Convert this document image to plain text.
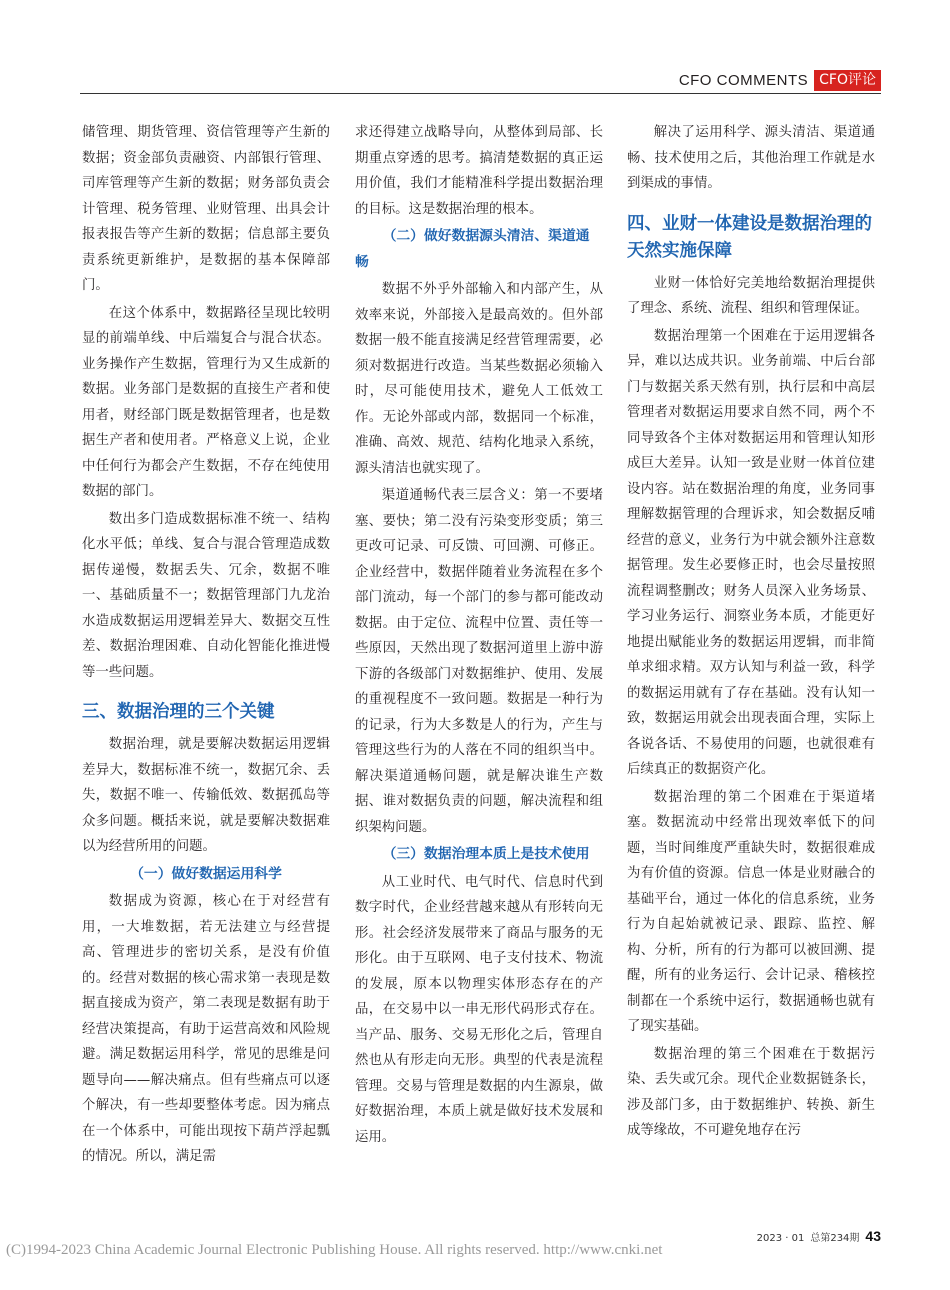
CFO COMMENTS CFO评论

储管理、期货管理、资信管理等产生新的数据；资金部负责融资、内部银行管理、司库管理等产生新的数据；财务部负责会计管理、税务管理、业财管理、出具会计报表报告等产生新的数据；信息部主要负责系统更新维护，是数据的基本保障部门。

在这个体系中，数据路径呈现比较明显的前端单线、中后端复合与混合状态。业务操作产生数据，管理行为又生成新的数据。业务部门是数据的直接生产者和使用者，财经部门既是数据管理者，也是数据生产者和使用者。严格意义上说，企业中任何行为都会产生数据，不存在纯使用数据的部门。

数出多门造成数据标准不统一、结构化水平低；单线、复合与混合管理造成数据传递慢，数据丢失、冗余，数据不唯一、基础质量不一；数据管理部门九龙治水造成数据运用逻辑差异大、数据交互性差、数据治理困难、自动化智能化推进慢等一些问题。

三、数据治理的三个关键

数据治理，就是要解决数据运用逻辑差异大，数据标准不统一，数据冗余、丢失，数据不唯一、传输低效、数据孤岛等众多问题。概括来说，就是要解决数据难以为经营所用的问题。

（一）做好数据运用科学

数据成为资源，核心在于对经营有用，一大堆数据，若无法建立与经营提高、管理进步的密切关系，是没有价值的。经营对数据的核心需求第一表现是数据直接成为资产，第二表现是数据有助于经营决策提高，有助于运营高效和风险规避。满足数据运用科学，常见的思维是问题导向——解决痛点。但有些痛点可以逐个解决，有一些却要整体考虑。因为痛点在一个体系中，可能出现按下葫芦浮起瓢的情况。所以，满足需

求还得建立战略导向，从整体到局部、长期重点穿透的思考。搞清楚数据的真正运用价值，我们才能精准科学提出数据治理的目标。这是数据治理的根本。

（二）做好数据源头清洁、渠道通畅

数据不外乎外部输入和内部产生，从效率来说，外部接入是最高效的。但外部数据一般不能直接满足经营管理需要，必须对数据进行改造。当某些数据必须输入时，尽可能使用技术，避免人工低效工作。无论外部或内部，数据同一个标准，准确、高效、规范、结构化地录入系统，源头清洁也就实现了。

渠道通畅代表三层含义：第一不要堵塞、要快；第二没有污染变形变质；第三更改可记录、可反馈、可回溯、可修正。企业经营中，数据伴随着业务流程在多个部门流动，每一个部门的参与都可能改动数据。由于定位、流程中位置、责任等一些原因，天然出现了数据河道里上游中游下游的各级部门对数据维护、使用、发展的重视程度不一致问题。数据是一种行为的记录，行为大多数是人的行为，产生与管理这些行为的人落在不同的组织当中。解决渠道通畅问题，就是解决谁生产数据、谁对数据负责的问题，解决流程和组织架构问题。

（三）数据治理本质上是技术使用

从工业时代、电气时代、信息时代到数字时代，企业经营越来越从有形转向无形。社会经济发展带来了商品与服务的无形化。由于互联网、电子支付技术、物流的发展，原本以物理实体形态存在的产品，在交易中以一串无形代码形式存在。当产品、服务、交易无形化之后，管理自然也从有形走向无形。典型的代表是流程管理。交易与管理是数据的内生源泉，做好数据治理，本质上就是做好技术发展和运用。

解决了运用科学、源头清洁、渠道通畅、技术使用之后，其他治理工作就是水到渠成的事情。

四、业财一体建设是数据治理的天然实施保障

业财一体恰好完美地给数据治理提供了理念、系统、流程、组织和管理保证。

数据治理第一个困难在于运用逻辑各异，难以达成共识。业务前端、中后台部门与数据关系天然有别，执行层和中高层管理者对数据运用要求自然不同，两个不同导致各个主体对数据运用和管理认知形成巨大差异。认知一致是业财一体首位建设内容。站在数据治理的角度，业务同事理解数据管理的合理诉求，知会数据反哺经营的意义，业务行为中就会额外注意数据管理。发生必要修正时，也会尽量按照流程调整删改；财务人员深入业务场景、学习业务运行、洞察业务本质，才能更好地提出赋能业务的数据运用逻辑，而非简单求细求精。双方认知与利益一致，科学的数据运用就有了存在基础。没有认知一致，数据运用就会出现表面合理，实际上各说各话、不易使用的问题，也就很难有后续真正的数据资产化。

数据治理的第二个困难在于渠道堵塞。数据流动中经常出现效率低下的问题，当时间维度严重缺失时，数据很难成为有价值的资源。信息一体是业财融合的基础平台，通过一体化的信息系统，业务行为自起始就被记录、跟踪、监控、解构、分析，所有的行为都可以被回溯、提醒，所有的业务运行、会计记录、稽核控制都在一个系统中运行，数据通畅也就有了现实基础。

数据治理的第三个困难在于数据污染、丢失或冗余。现代企业数据链条长，涉及部门多，由于数据维护、转换、新生成等缘故，不可避免地存在污

2023 · 01 总第234期 43
(C)1994-2023 China Academic Journal Electronic Publishing House. All rights reserved. http://www.cnki.net
